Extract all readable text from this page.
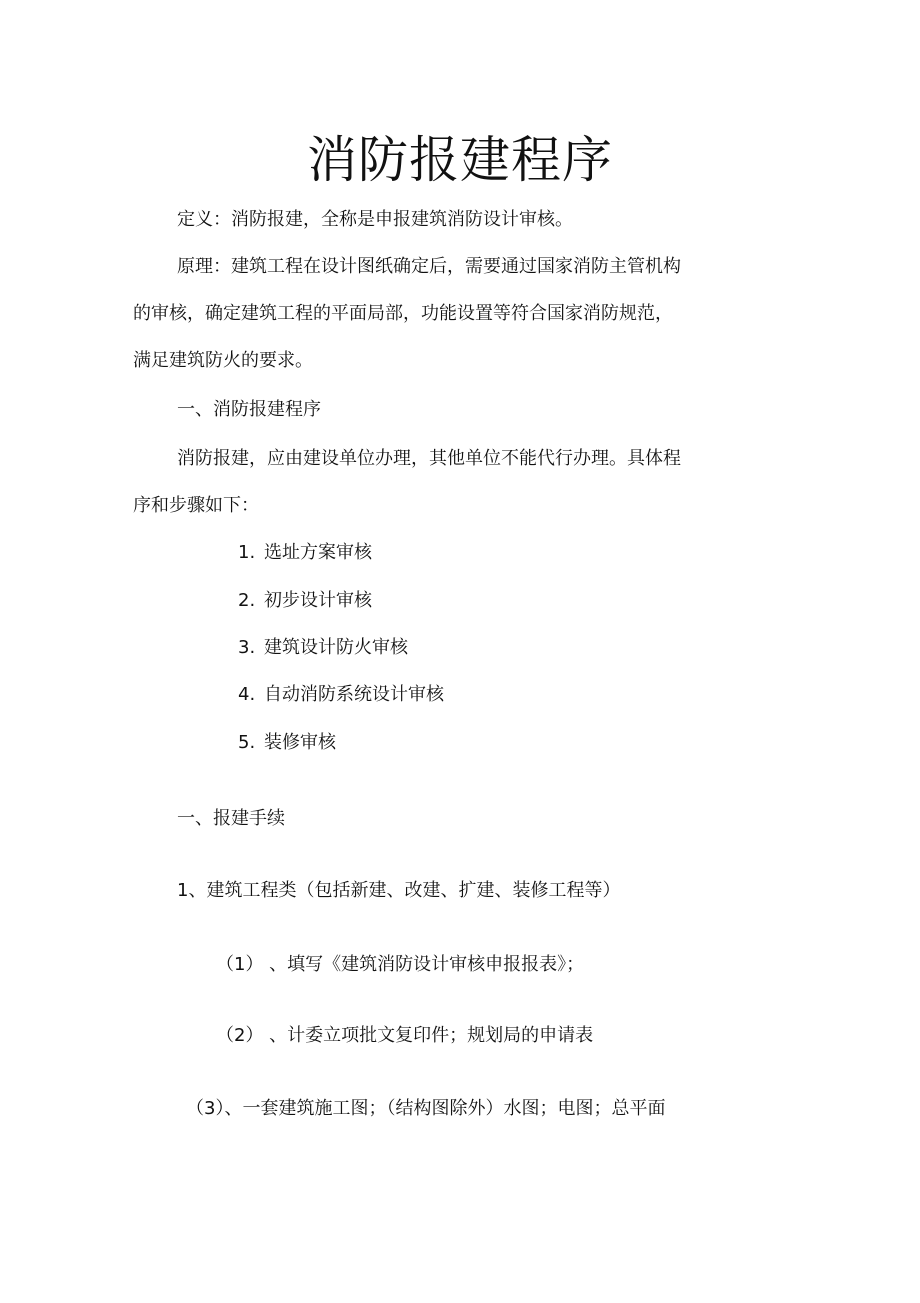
消防报建程序

定义：消防报建，全称是申报建筑消防设计审核。

原理：建筑工程在设计图纸确定后，需要通过国家消防主管机构

的审核，确定建筑工程的平面局部，功能设置等符合国家消防规范，

满足建筑防火的要求。

一、消防报建程序

消防报建，应由建设单位办理，其他单位不能代行办理。具体程

序和步骤如下：

1. 选址方案审核
2. 初步设计审核
3. 建筑设计防火审核
4. 自动消防系统设计审核
5. 装修审核

一、报建手续

1、建筑工程类（包括新建、改建、扩建、装修工程等）

（1） 、填写《建筑消防设计审核申报报表》；

（2） 、计委立项批文复印件；规划局的申请表

（3）、一套建筑施工图；（结构图除外）水图；电图；总平面
